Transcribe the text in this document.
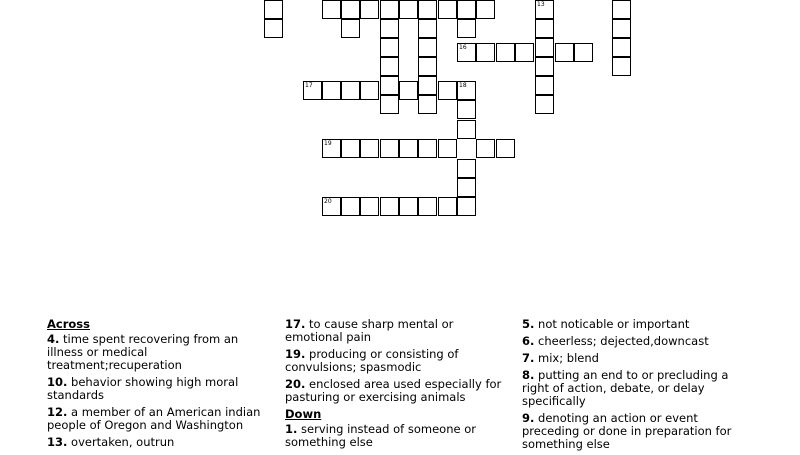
13
16
17	18
19
20
Across

4. time spent recovering from an illness or medical treatment;recuperation

10. behavior showing high moral standards

12. a member of an American indian people of Oregon and Washington

13. overtaken, outrun

17. to cause sharp mental or emotional pain

19. producing or consisting of convulsions; spasmodic

20. enclosed area used especially for pasturing or exercising animals

Down

1. serving instead of someone or something else

5. not noticable or important

6. cheerless; dejected,downcast

7. mix; blend

8. putting an end to or precluding a right of action, debate, or delay specifically

9. denoting an action or event preceding or done in preparation for something else
